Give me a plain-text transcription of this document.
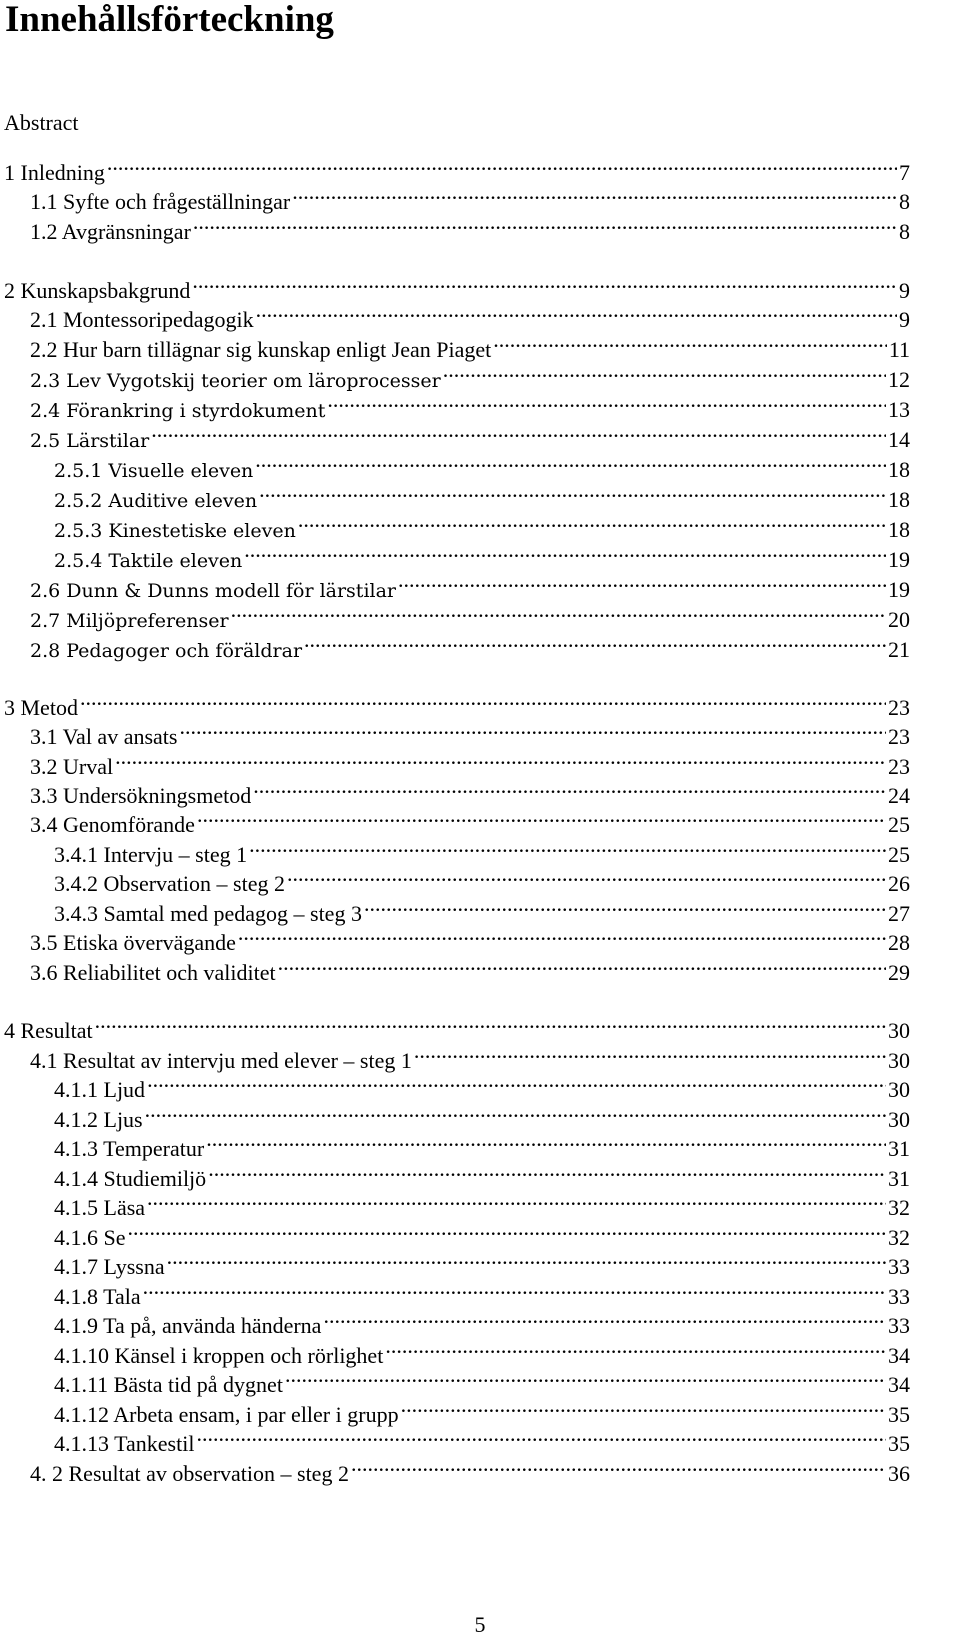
Innehållsförteckning
Abstract
1 Inledning .....	7
1.1 Syfte och frågeställningar .....	8
1.2 Avgränsningar .....	8
2 Kunskapsbakgrund .....	9
2.1 Montessoripedagogik .....	9
2.2 Hur barn tillägnar sig kunskap enligt Jean Piaget .....	11
2.3 Lev Vygotskij teorier om läroprocesser .....	12
2.4 Förankring i styrdokument .....	13
2.5 Lärstilar .....	14
2.5.1 Visuelle eleven .....	18
2.5.2 Auditive eleven .....	18
2.5.3 Kinestetiske eleven .....	18
2.5.4 Taktile eleven .....	19
2.6 Dunn & Dunns modell för lärstilar .....	19
2.7 Miljöpreferenser .....	20
2.8 Pedagoger och föräldrar .....	21
3 Metod .....	23
3.1 Val av ansats .....	23
3.2 Urval .....	23
3.3 Undersökningsmetod .....	24
3.4 Genomförande .....	25
3.4.1 Intervju – steg 1 .....	25
3.4.2 Observation – steg 2 .....	26
3.4.3 Samtal med pedagog – steg 3 .....	27
3.5 Etiska övervägande .....	28
3.6 Reliabilitet och validitet .....	29
4 Resultat .....	30
4.1 Resultat av intervju med elever – steg 1 .....	30
4.1.1 Ljud .....	30
4.1.2 Ljus .....	30
4.1.3 Temperatur .....	31
4.1.4 Studiemiljö .....	31
4.1.5 Läsa .....	32
4.1.6 Se .....	32
4.1.7 Lyssna .....	33
4.1.8 Tala .....	33
4.1.9 Ta på, använda händerna .....	33
4.1.10 Känsel i kroppen och rörlighet .....	34
4.1.11 Bästa tid på dygnet .....	34
4.1.12 Arbeta ensam, i par eller i grupp .....	35
4.1.13 Tankestil .....	35
4. 2 Resultat av observation – steg 2 .....	36
5
